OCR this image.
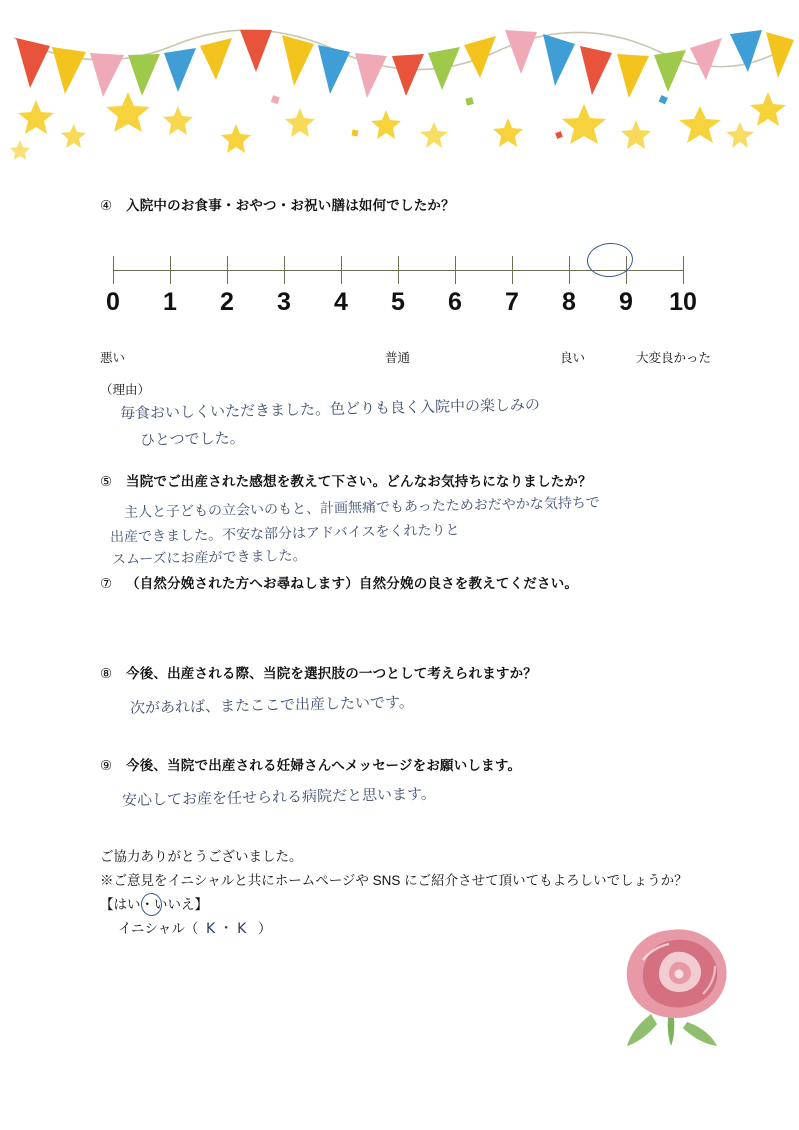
④ 入院中のお食事・おやつ・お祝い膳は如何でしたか？
0 1 2 3 4 5 6 7 8 9 10
悪い	普通	良い	大変良かった
（理由）
毎食おいしくいただきました。色どりも良く入院中の楽しみの
ひとつでした。
⑤ 当院でご出産された感想を教えて下さい。どんなお気持ちになりましたか？
主人と子どもの立会いのもと、計画無痛でもあったためおだやかな気持ちで
出産できました。不安な部分はアドバイスをくれたりと
スムーズにお産ができました。
⑦ （自然分娩された方へお尋ねします）自然分娩の良さを教えてください。
⑧ 今後、出産される際、当院を選択肢の一つとして考えられますか？
次があれば、またここで出産したいです。
⑨ 今後、当院で出産される妊婦さんへメッセージをお願いします。
安心してお産を任せられる病院だと思います。
ご協力ありがとうございました。
※ご意見をイニシャルと共にホームページや SNS にご紹介させて頂いてもよろしいでしょうか？
【はい・いいえ】
イニシャル（ K・K ）
